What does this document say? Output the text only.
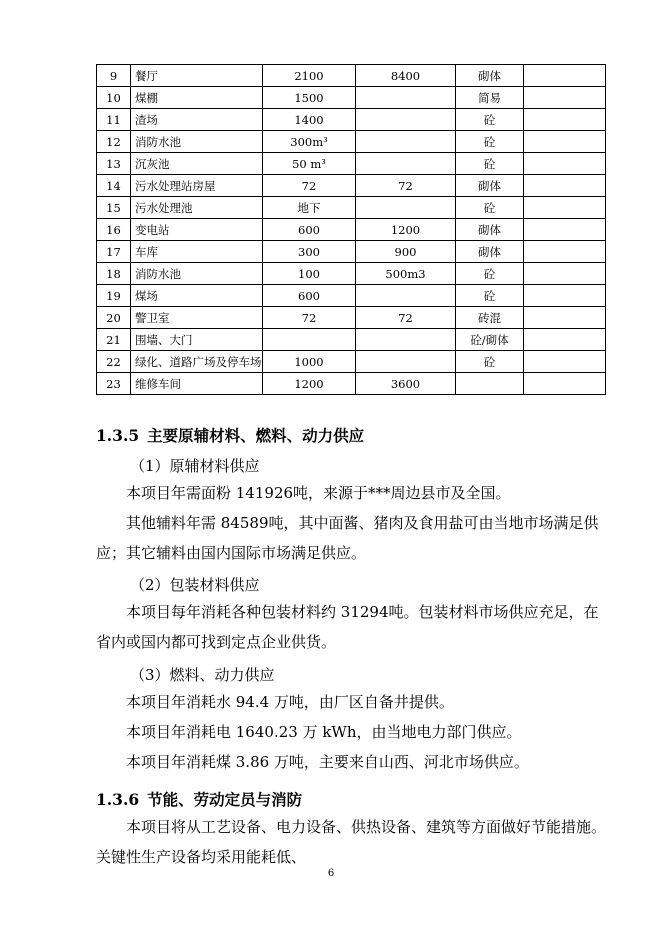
9	餐厅	2100	8400	砌体	
10	煤棚	1500		简易	
11	渣场	1400		砼	
12	消防水池	300m³		砼	
13	沉灰池	50 m³		砼	
14	污水处理站房屋	72	72	砌体	
15	污水处理池	地下		砼	
16	变电站	600	1200	砌体	
17	车库	300	900	砌体	
18	消防水池	100	500m3	砼	
19	煤场	600		砼	
20	警卫室	72	72	砖混	
21	围墙、大门			砼/砌体	
22	绿化、道路广场及停车场	1000		砼	
23	维修车间	1200	3600		
1.3.5 主要原辅材料、燃料、动力供应
（1）原辅材料供应

本项目年需面粉 141926吨，来源于***周边县市及全国。

其他辅料年需 84589吨，其中面酱、猪肉及食用盐可由当地市场满足供应；其它辅料由国内国际市场满足供应。

（2）包装材料供应

本项目每年消耗各种包装材料约 31294吨。包装材料市场供应充足，在省内或国内都可找到定点企业供货。

（3）燃料、动力供应

本项目年消耗水 94.4 万吨，由厂区自备井提供。

本项目年消耗电 1640.23 万 kWh，由当地电力部门供应。

本项目年消耗煤 3.86 万吨，主要来自山西、河北市场供应。

1.3.6 节能、劳动定员与消防

本项目将从工艺设备、电力设备、供热设备、建筑等方面做好节能措施。关键性生产设备均采用能耗低、

6
